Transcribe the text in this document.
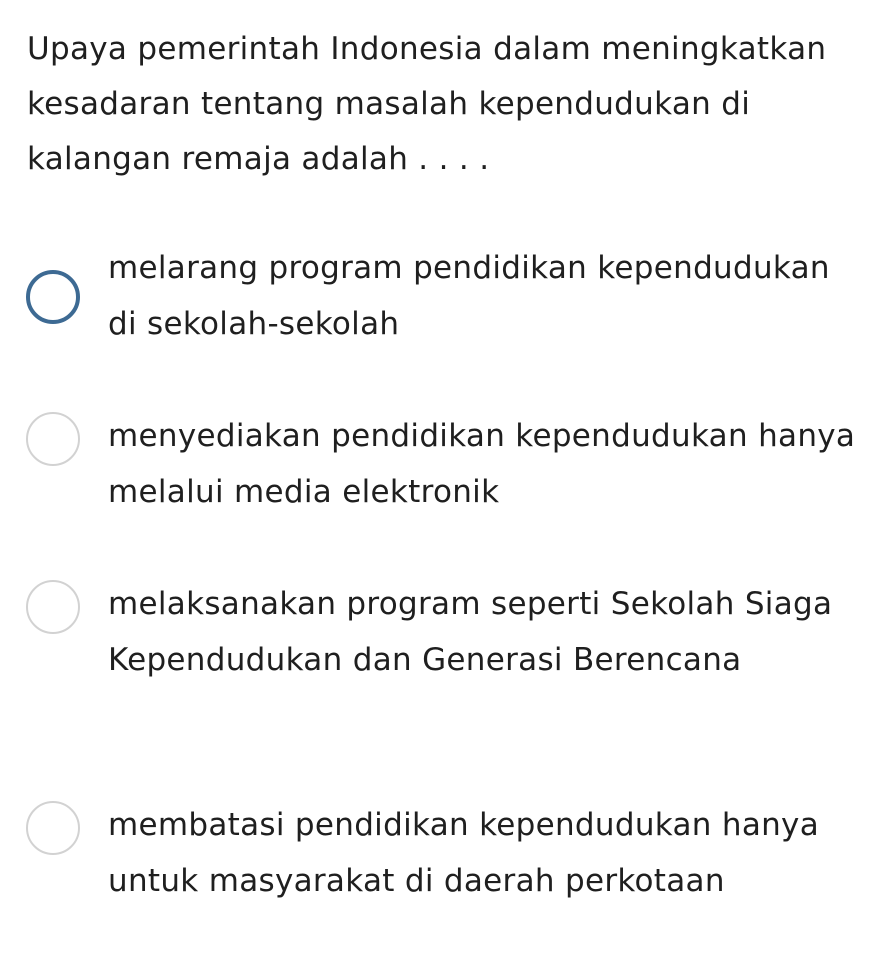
Upaya pemerintah Indonesia dalam meningkatkan kesadaran tentang masalah kependudukan di kalangan remaja adalah . . . .
melarang program pendidikan kependudukan di sekolah-sekolah
menyediakan pendidikan kependudukan hanya melalui media elektronik
melaksanakan program seperti Sekolah Siaga Kependudukan dan Generasi Berencana
membatasi pendidikan kependudukan hanya untuk masyarakat di daerah perkotaan
